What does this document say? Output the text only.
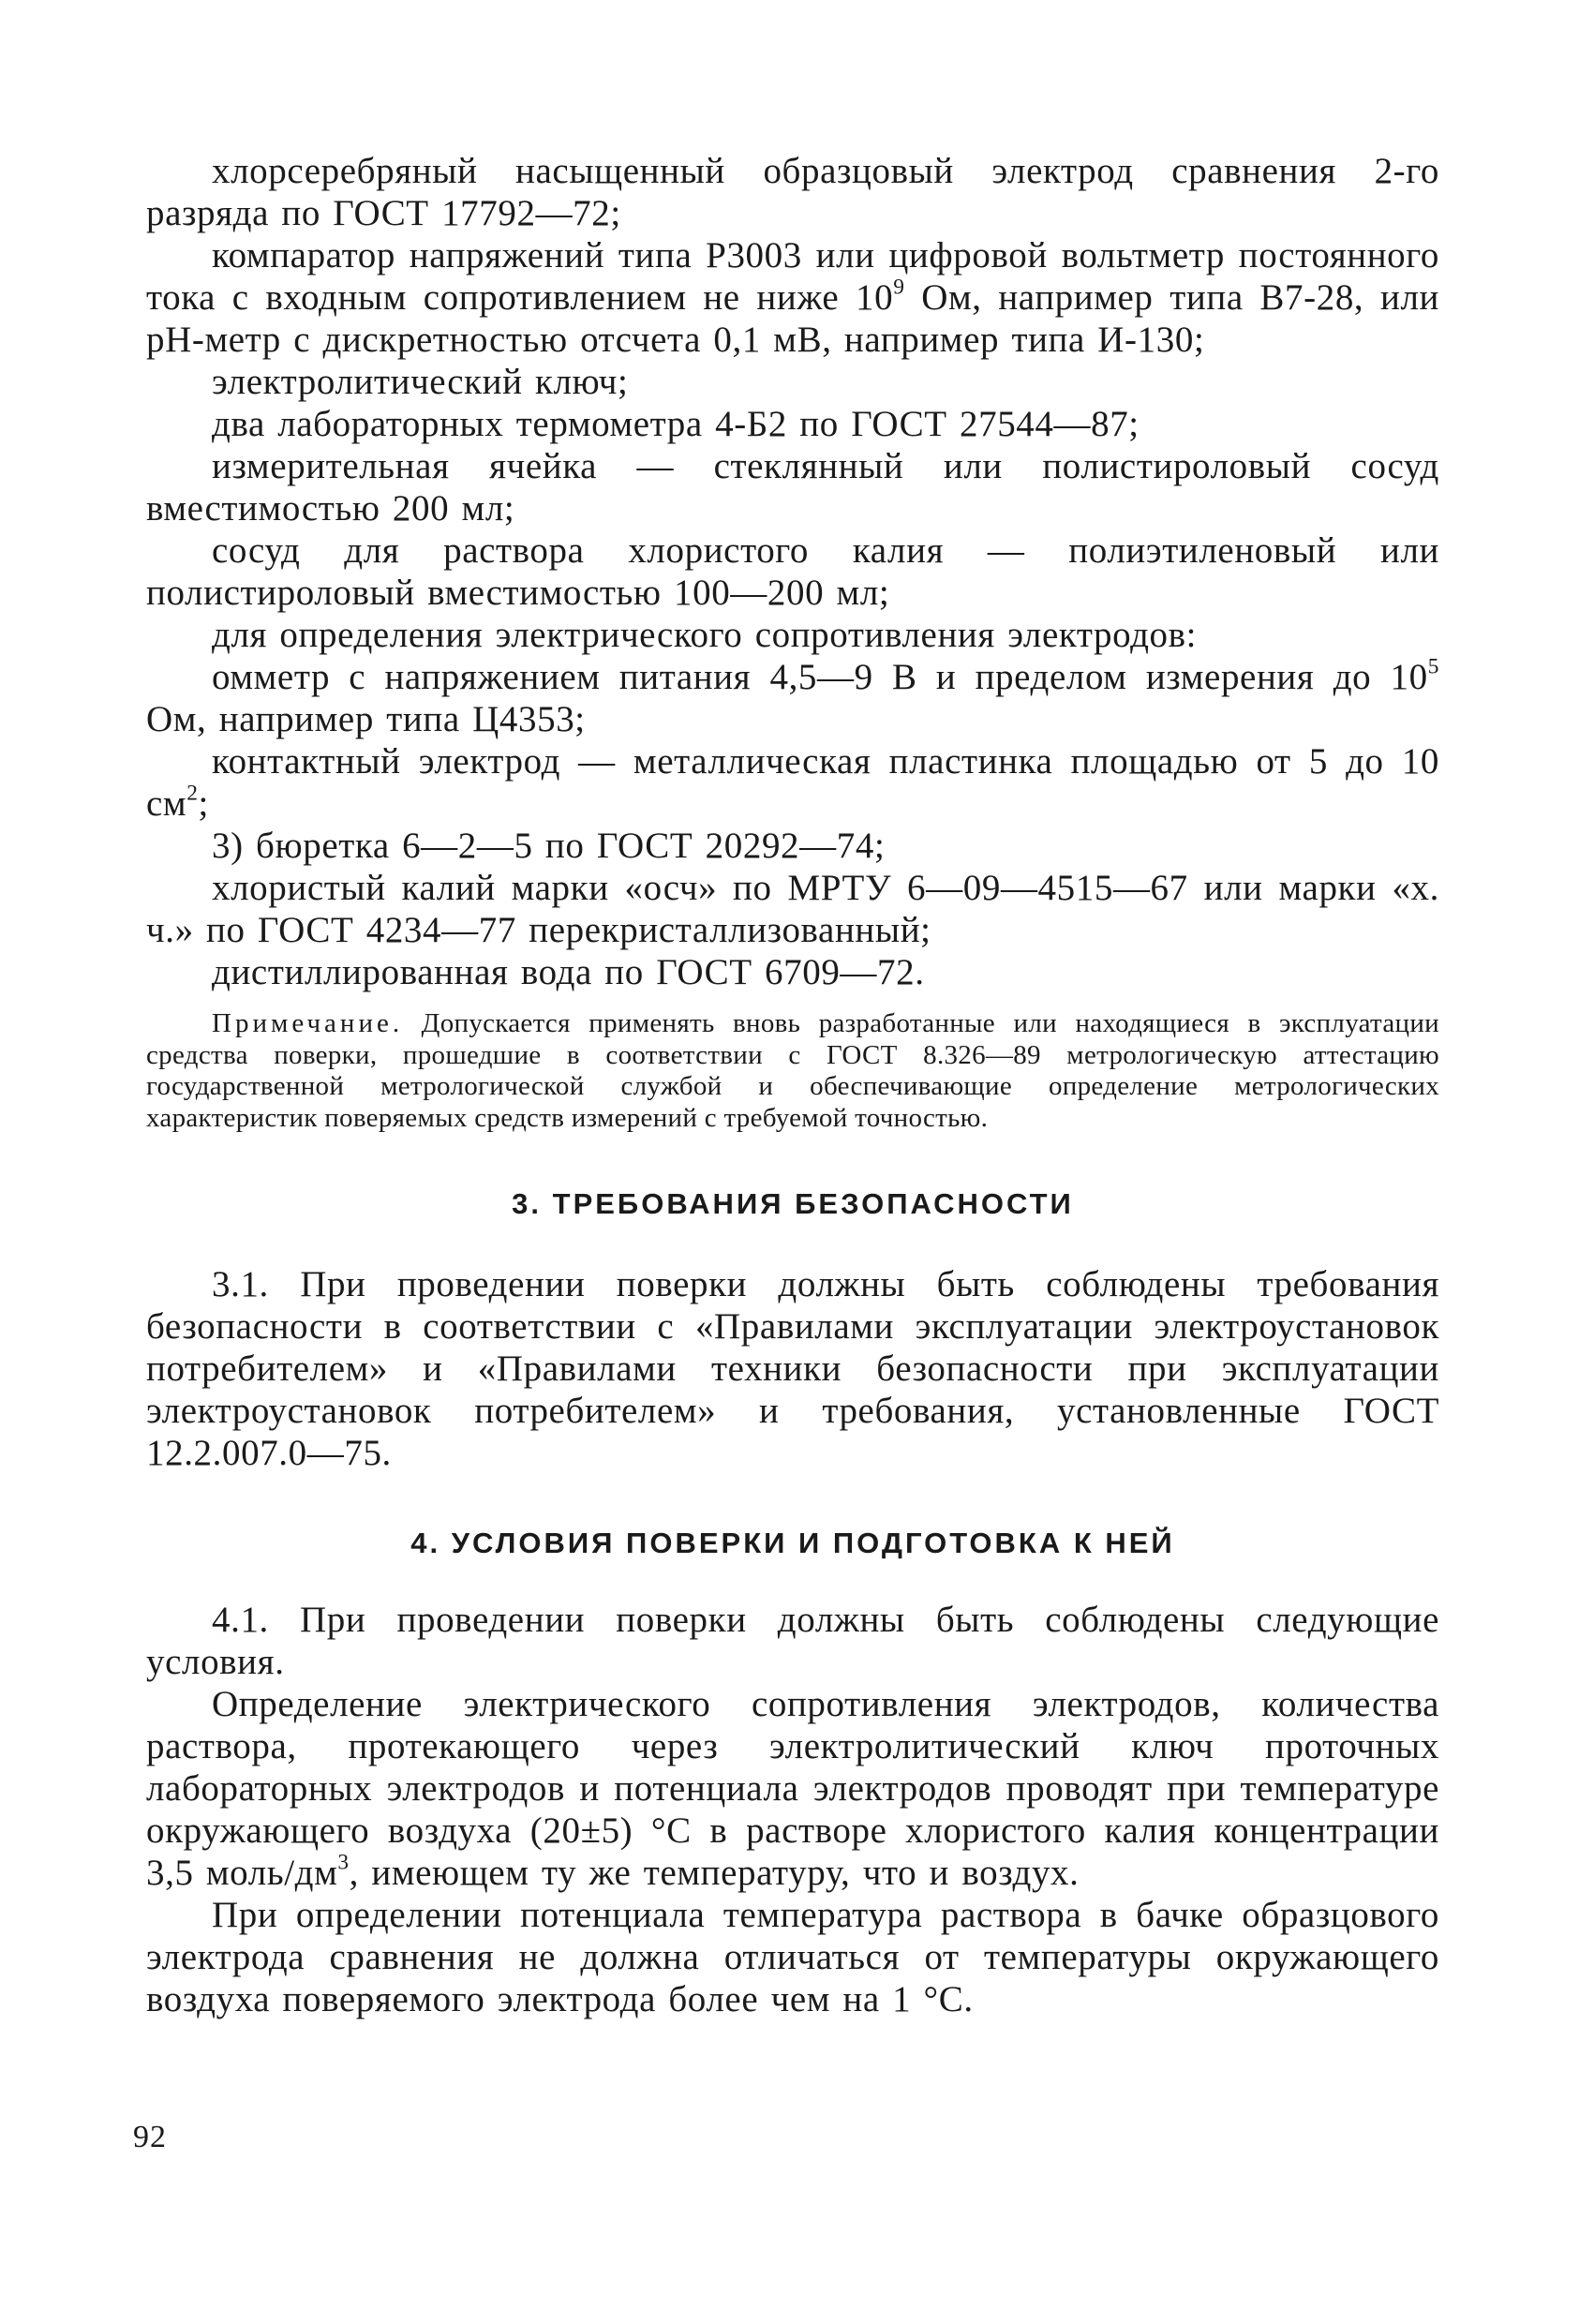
хлорсеребряный насыщенный образцовый электрод сравнения 2-го разряда по ГОСТ 17792—72;

компаратор напряжений типа Р3003 или цифровой вольтметр постоянного тока с входным сопротивлением не ниже $10^9$ Ом, например типа В7-28, или pH-метр с дискретностью отсчета 0,1 мВ, например типа И-130;

электролитический ключ;

два лабораторных термометра 4-Б2 по ГОСТ 27544—87;

измерительная ячейка — стеклянный или полистироловый сосуд вместимостью 200 мл;

сосуд для раствора хлористого калия — полиэтиленовый или полистироловый вместимостью 100—200 мл;

для определения электрического сопротивления электродов:

омметр с напряжением питания 4,5—9 В и пределом измерения до $10^5$ Ом, например типа Ц4353;

контактный электрод — металлическая пластинка площадью от 5 до 10 $см^2$;

3) бюретка 6—2—5 по ГОСТ 20292—74;

хлористый калий марки «осч» по МРТУ 6—09—4515—67 или марки «х. ч.» по ГОСТ 4234—77 перекристаллизованный;

дистиллированная вода по ГОСТ 6709—72.

Примечание. Допускается применять вновь разработанные или находящиеся в эксплуатации средства поверки, прошедшие в соответствии с ГОСТ 8.326—89 метрологическую аттестацию государственной метрологической службой и обеспечивающие определение метрологических характеристик поверяемых средств измерений с требуемой точностью.

3. ТРЕБОВАНИЯ БЕЗОПАСНОСТИ

3.1. При проведении поверки должны быть соблюдены требования безопасности в соответствии с «Правилами эксплуатации электроустановок потребителем» и «Правилами техники безопасности при эксплуатации электроустановок потребителем» и требования, установленные ГОСТ 12.2.007.0—75.

4. УСЛОВИЯ ПОВЕРКИ И ПОДГОТОВКА К НЕЙ

4.1. При проведении поверки должны быть соблюдены следующие условия.

Определение электрического сопротивления электродов, количества раствора, протекающего через электролитический ключ проточных лабораторных электродов и потенциала электродов проводят при температуре окружающего воздуха (20±5) °С в растворе хлористого калия концентрации 3,5 моль/$дм^3$, имеющем ту же температуру, что и воздух.

При определении потенциала температура раствора в бачке образцового электрода сравнения не должна отличаться от температуры окружающего воздуха поверяемого электрода более чем на 1 °С.

92
